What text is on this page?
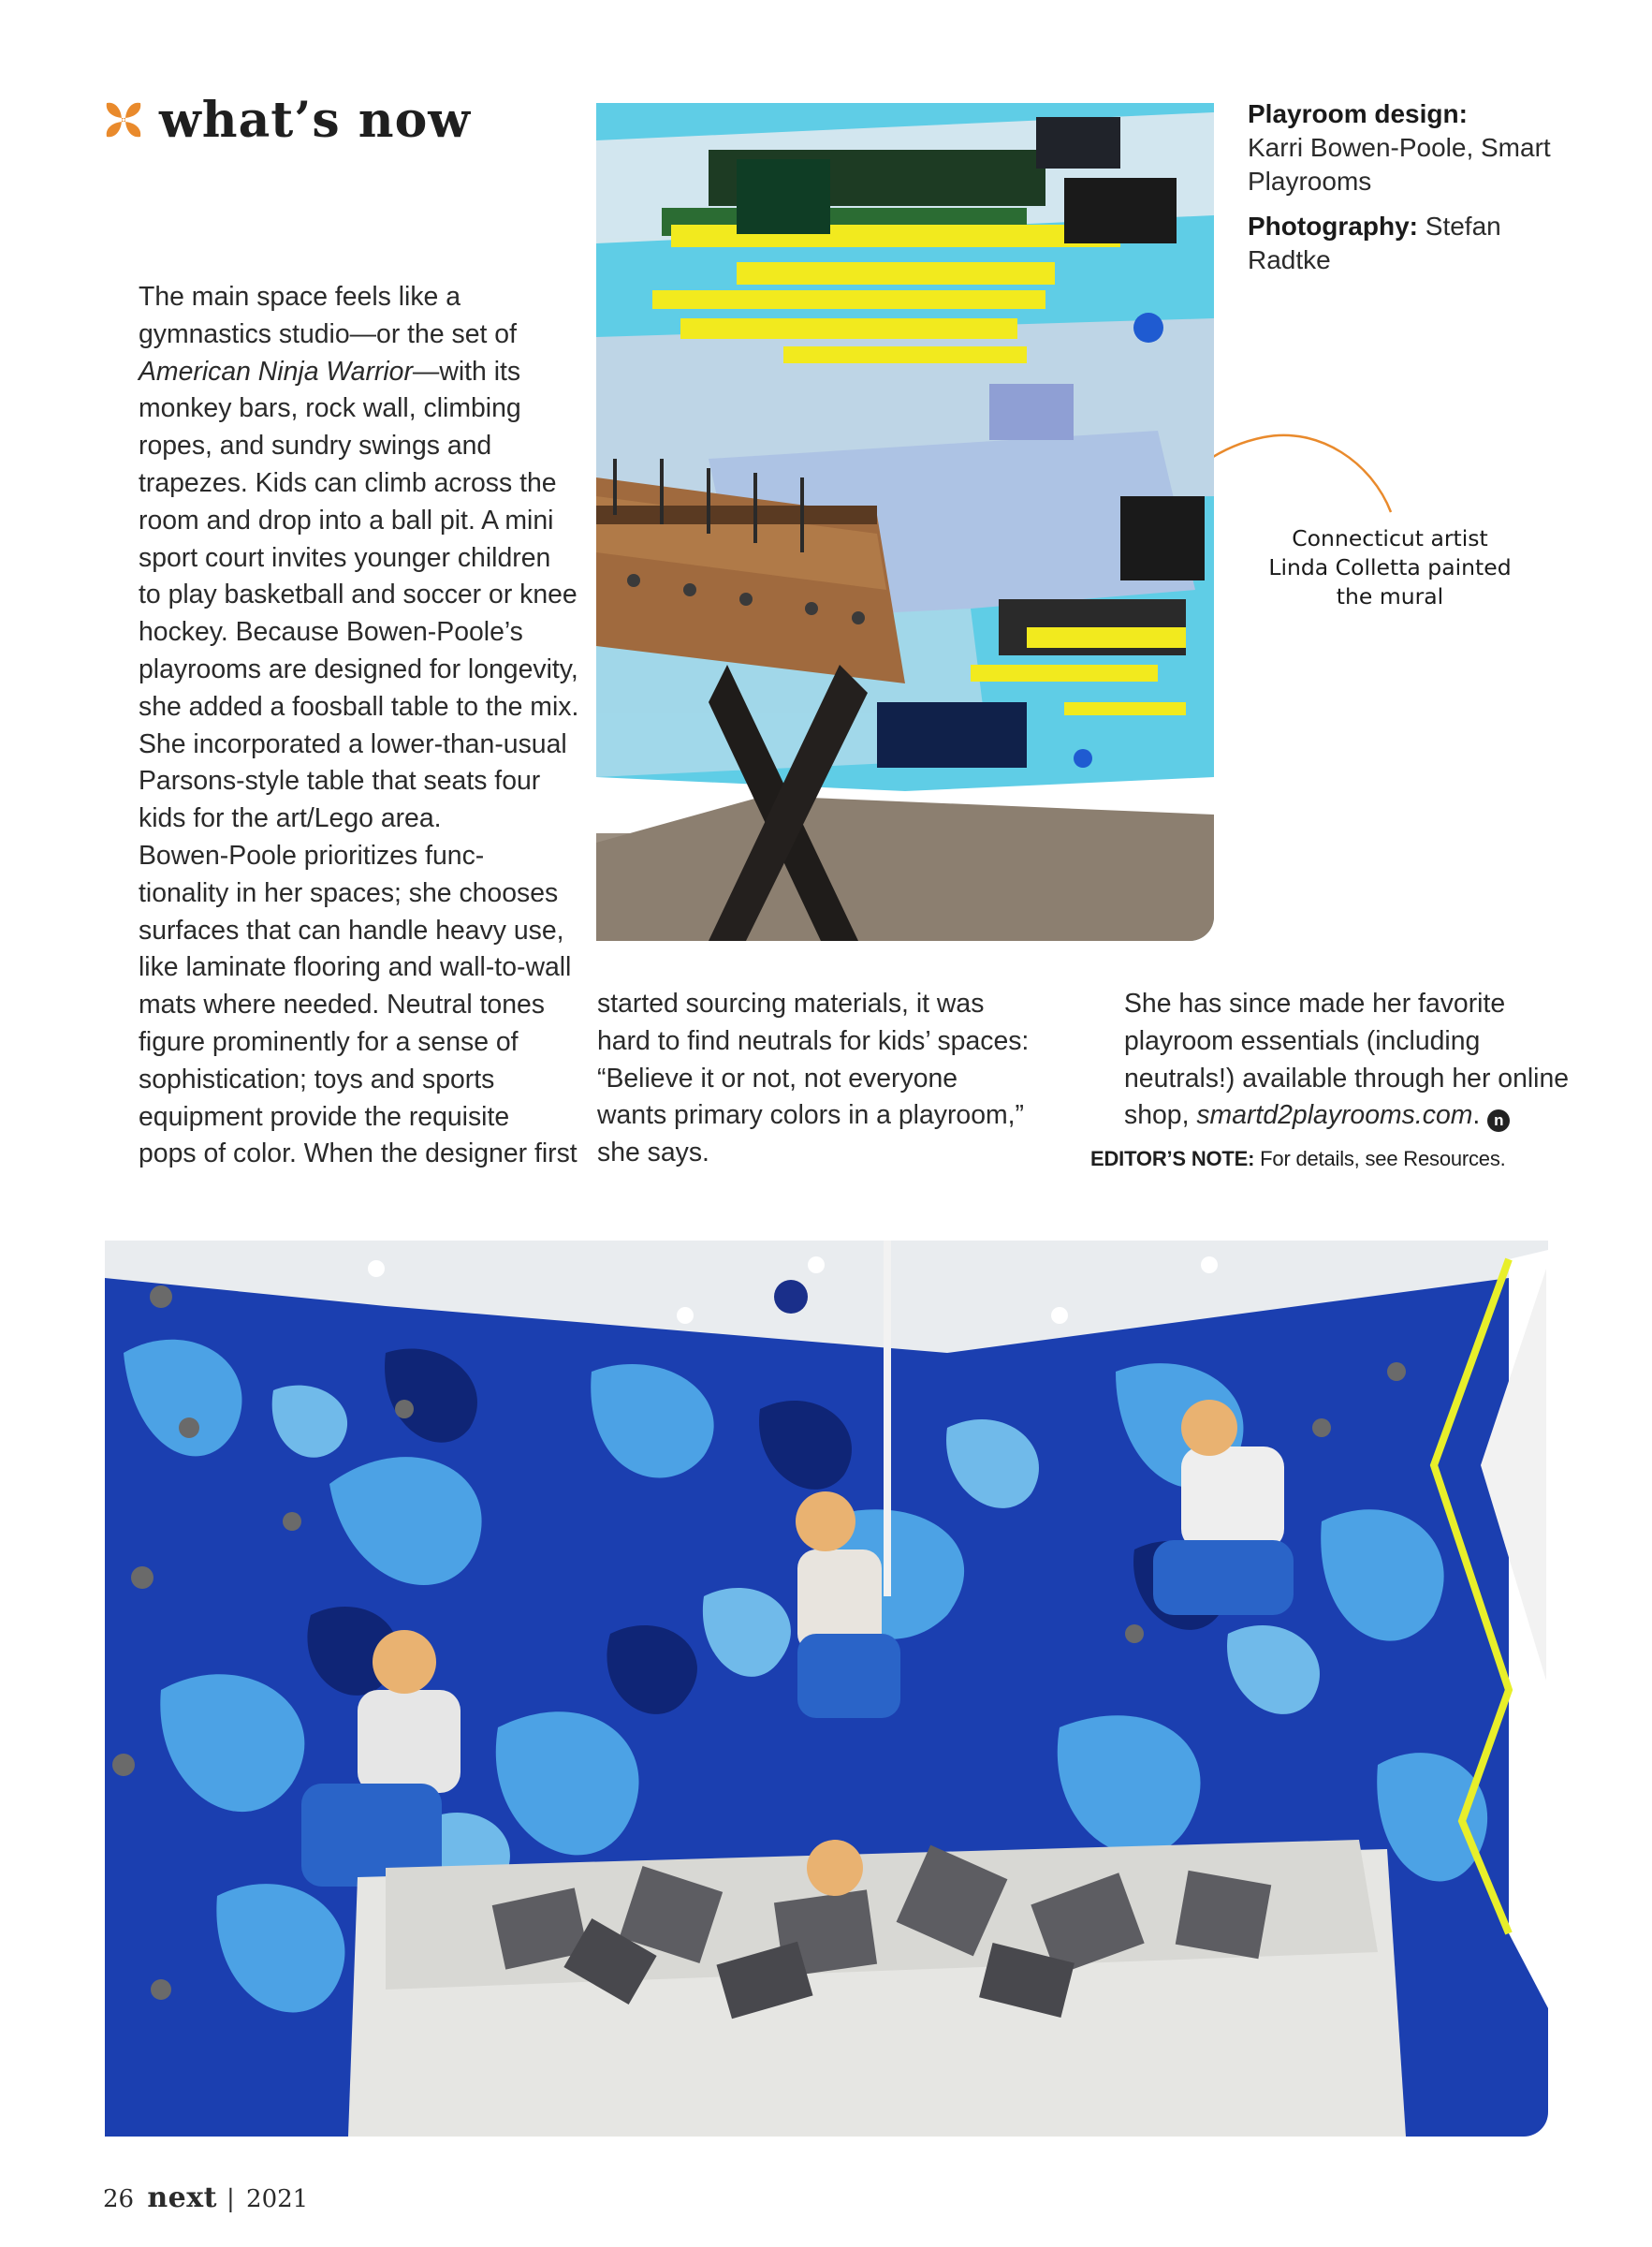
what’s now	Playroom design:

Karri Bowen-Poole, Smart
Playrooms
Photography: Stefan
Radtke
Connecticut artist
Linda Colletta painted
the mural

The main space feels like a
gymnastics studio—or the set of
American Ninja Warrior—with its
monkey bars, rock wall, climbing
ropes, and sundry swings and
trapezes. Kids can climb across the
room and drop into a ball pit. A mini
sport court invites younger children
to play basketball and soccer or knee
hockey. Because Bowen-Poole’s
playrooms are designed for longevity,
she added a foosball table to the mix.
She incorporated a lower-than-usual
Parsons-style table that seats four
kids for the art/Lego area.

Bowen-Poole prioritizes func-
tionality in her spaces; she chooses
surfaces that can handle heavy use,
like laminate flooring and wall-to-wall
mats where needed. Neutral tones
figure prominently for a sense of
sophistication; toys and sports
equipment provide the requisite
pops of color. When the designer first

started sourcing materials, it was
hard to find neutrals for kids’ spaces:
“Believe it or not, not everyone
wants primary colors in a playroom,”
she says.

She has since made her favorite
playroom essentials (including
neutrals!) available through her online
shop, smartd2playrooms.com. n

EDITOR’S NOTE: For details, see Resources.
26 next | 2021
